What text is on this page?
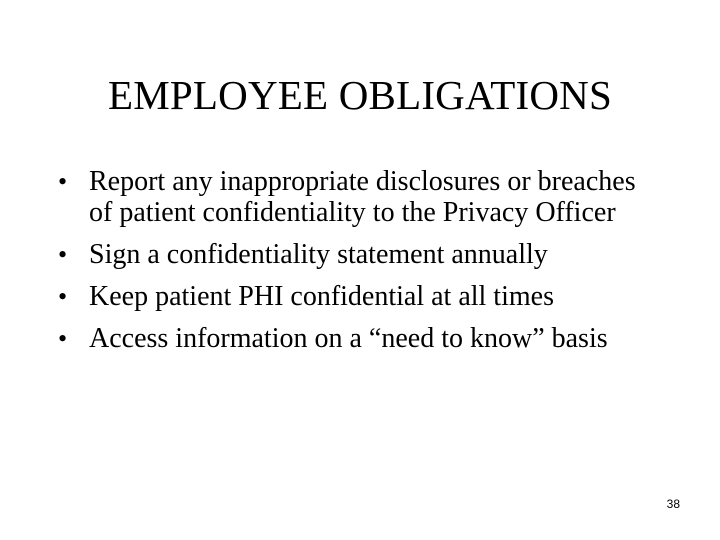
EMPLOYEE OBLIGATIONS
• Report any inappropriate disclosures or breaches of patient confidentiality to the Privacy Officer
• Sign a confidentiality statement annually
• Keep patient PHI confidential at all times
• Access information on a “need to know” basis
38
